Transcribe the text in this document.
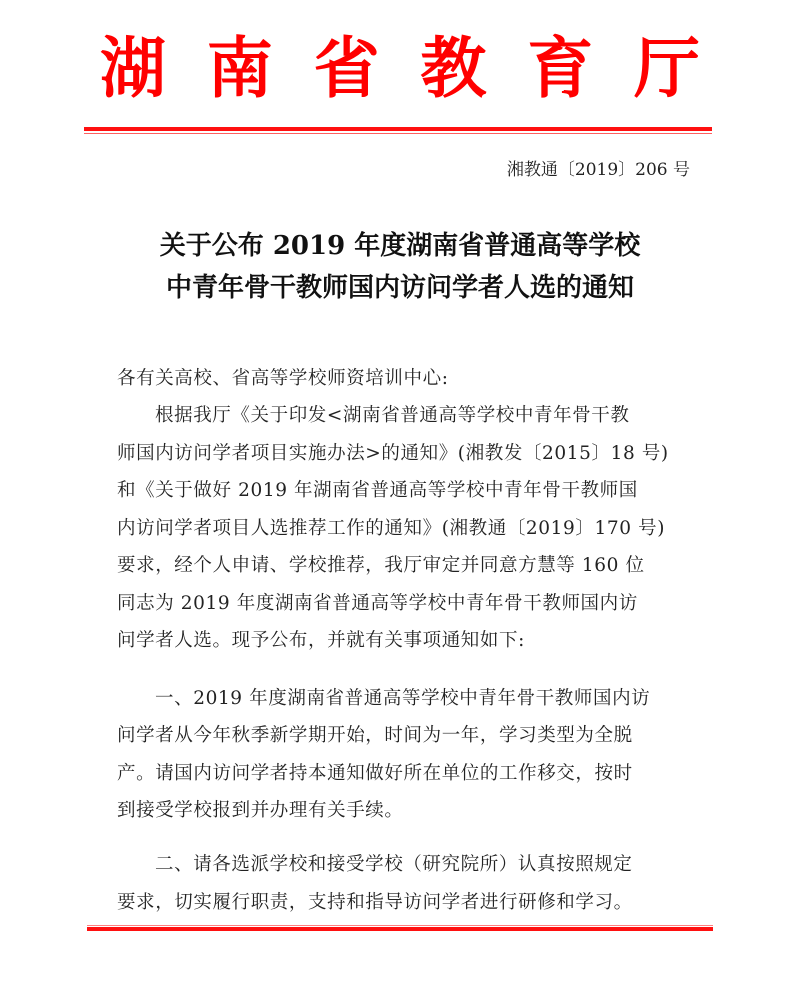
湖 南 省 教 育 厅
湘教通〔2019〕206 号
关于公布 2019 年度湖南省普通高等学校
中青年骨干教师国内访问学者人选的通知
各有关高校、省高等学校师资培训中心:
根据我厅《关于印发<湖南省普通高等学校中青年骨干教
师国内访问学者项目实施办法>的通知》(湘教发〔2015〕18 号)
和《关于做好 2019 年湖南省普通高等学校中青年骨干教师国
内访问学者项目人选推荐工作的通知》(湘教通〔2019〕170 号)
要求，经个人申请、学校推荐，我厅审定并同意方慧等 160 位
同志为 2019 年度湖南省普通高等学校中青年骨干教师国内访
问学者人选。现予公布，并就有关事项通知如下:
一、2019 年度湖南省普通高等学校中青年骨干教师国内访
问学者从今年秋季新学期开始，时间为一年，学习类型为全脱
产。请国内访问学者持本通知做好所在单位的工作移交，按时
到接受学校报到并办理有关手续。
二、请各选派学校和接受学校（研究院所）认真按照规定
要求，切实履行职责，支持和指导访问学者进行研修和学习。
